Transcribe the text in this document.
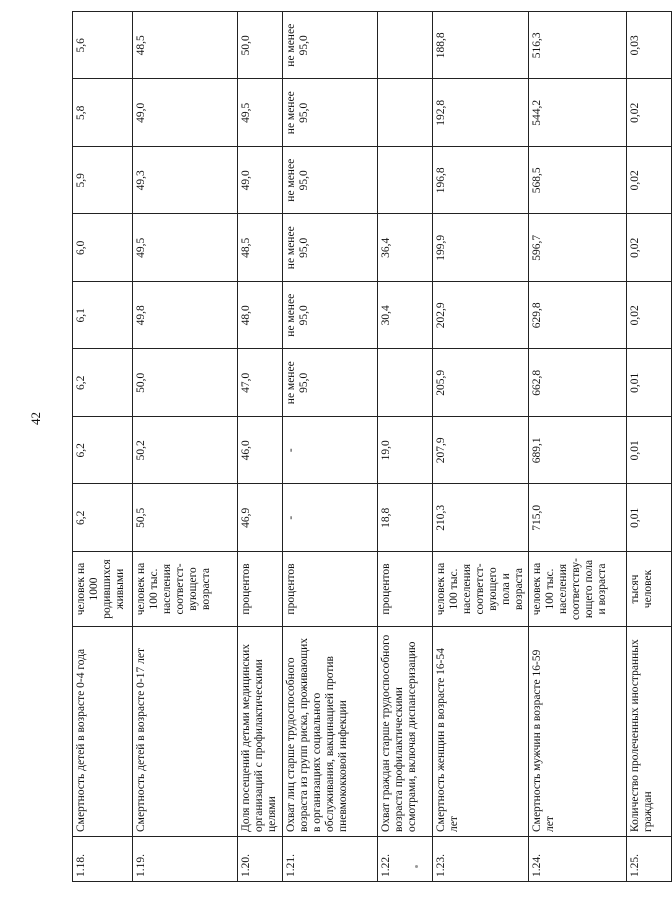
42
1.18.	Смертность детей в возрасте 0-4 года	человек на 1000 родившихся живыми	6,2	6,2	6,2	6,1	6,0	5,9	5,8	5,6
1.19.	Смертность детей в возрасте 0-17 лет	человек на 100 тыс. населения соответст-вующего возраста	50,5	50,2	50,0	49,8	49,5	49,3	49,0	48,5
1.20.	Доля посещений детьми медицинских организаций с профилактическими целями	процентов	46,9	46,0	47,0	48,0	48,5	49,0	49,5	50,0
1.21.	Охват лиц старше трудоспособного возраста из групп риска, проживающих в организациях социального обслуживания, вакцинацией против пневмококковой инфекции	процентов	-	-	не менее 95,0	не менее 95,0	не менее 95,0	не менее 95,0	не менее 95,0	не менее 95,0
1.22.	Охват граждан старше трудоспособного возраста профилактическими осмотрами, включая диспансеризацию	процентов	18,8	19,0		30,4	36,4			
1.23.	Смертность женщин в возрасте 16-54 лет	человек на 100 тыс. населения соответст-вующего пола и возраста	210,3	207,9	205,9	202,9	199,9	196,8	192,8	188,8
1.24.	Смертность мужчин в возрасте 16-59 лет	человек на 100 тыс. населения соответству-ющего пола и возраста	715,0	689,1	662,8	629,8	596,7	568,5	544,2	516,3
1.25.	Количество пролеченных иностранных граждан	тысяч человек	0,01	0,01	0,01	0,02	0,02	0,02	0,02	0,03
